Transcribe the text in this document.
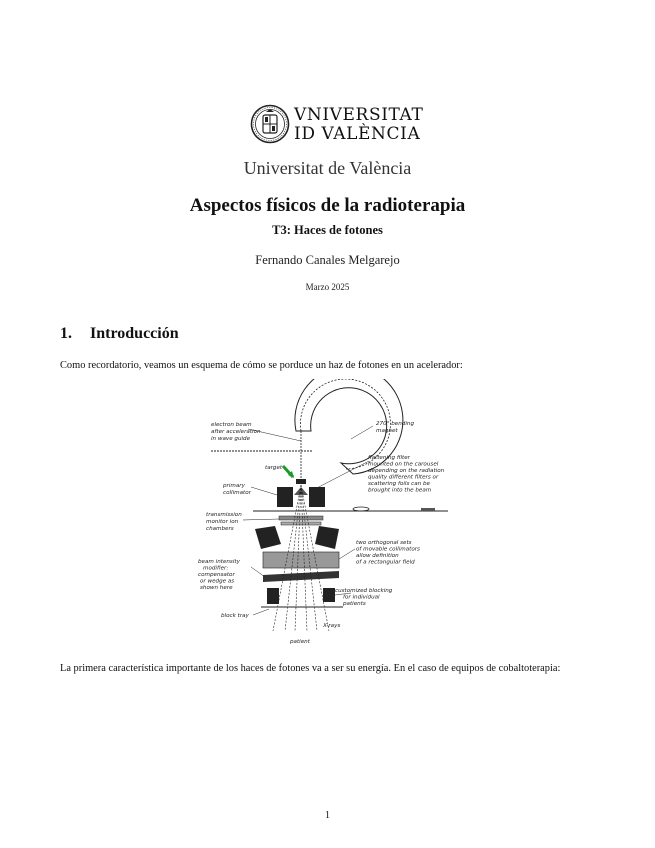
VNIVERSITAT
ID VALÈNCIA
Universitat de València
Aspectos físicos de la radioterapia
T3: Haces de fotones
Fernando Canales Melgarejo
Marzo 2025
1. Introducción
Como recordatorio, veamos un esquema de cómo se porduce un haz de fotones en un acelerador:
electron beam after acceleration in wave guide
270° bending magnet
target
flattening filter mounted on the carousel depending on the radiation quality different filters or scattering foils can be brought into the beam
primary collimator
transmission monitor ion chambers
two orthogonal sets of movable collimators allow definition of a rectangular field
beam intensity modifier: compensator or wedge as shown here	customized blocking for individual patients
block tray
X-rays
patient
La primera característica importante de los haces de fotones va a ser su energía. En el caso de equipos de cobaltoterapia:
1
